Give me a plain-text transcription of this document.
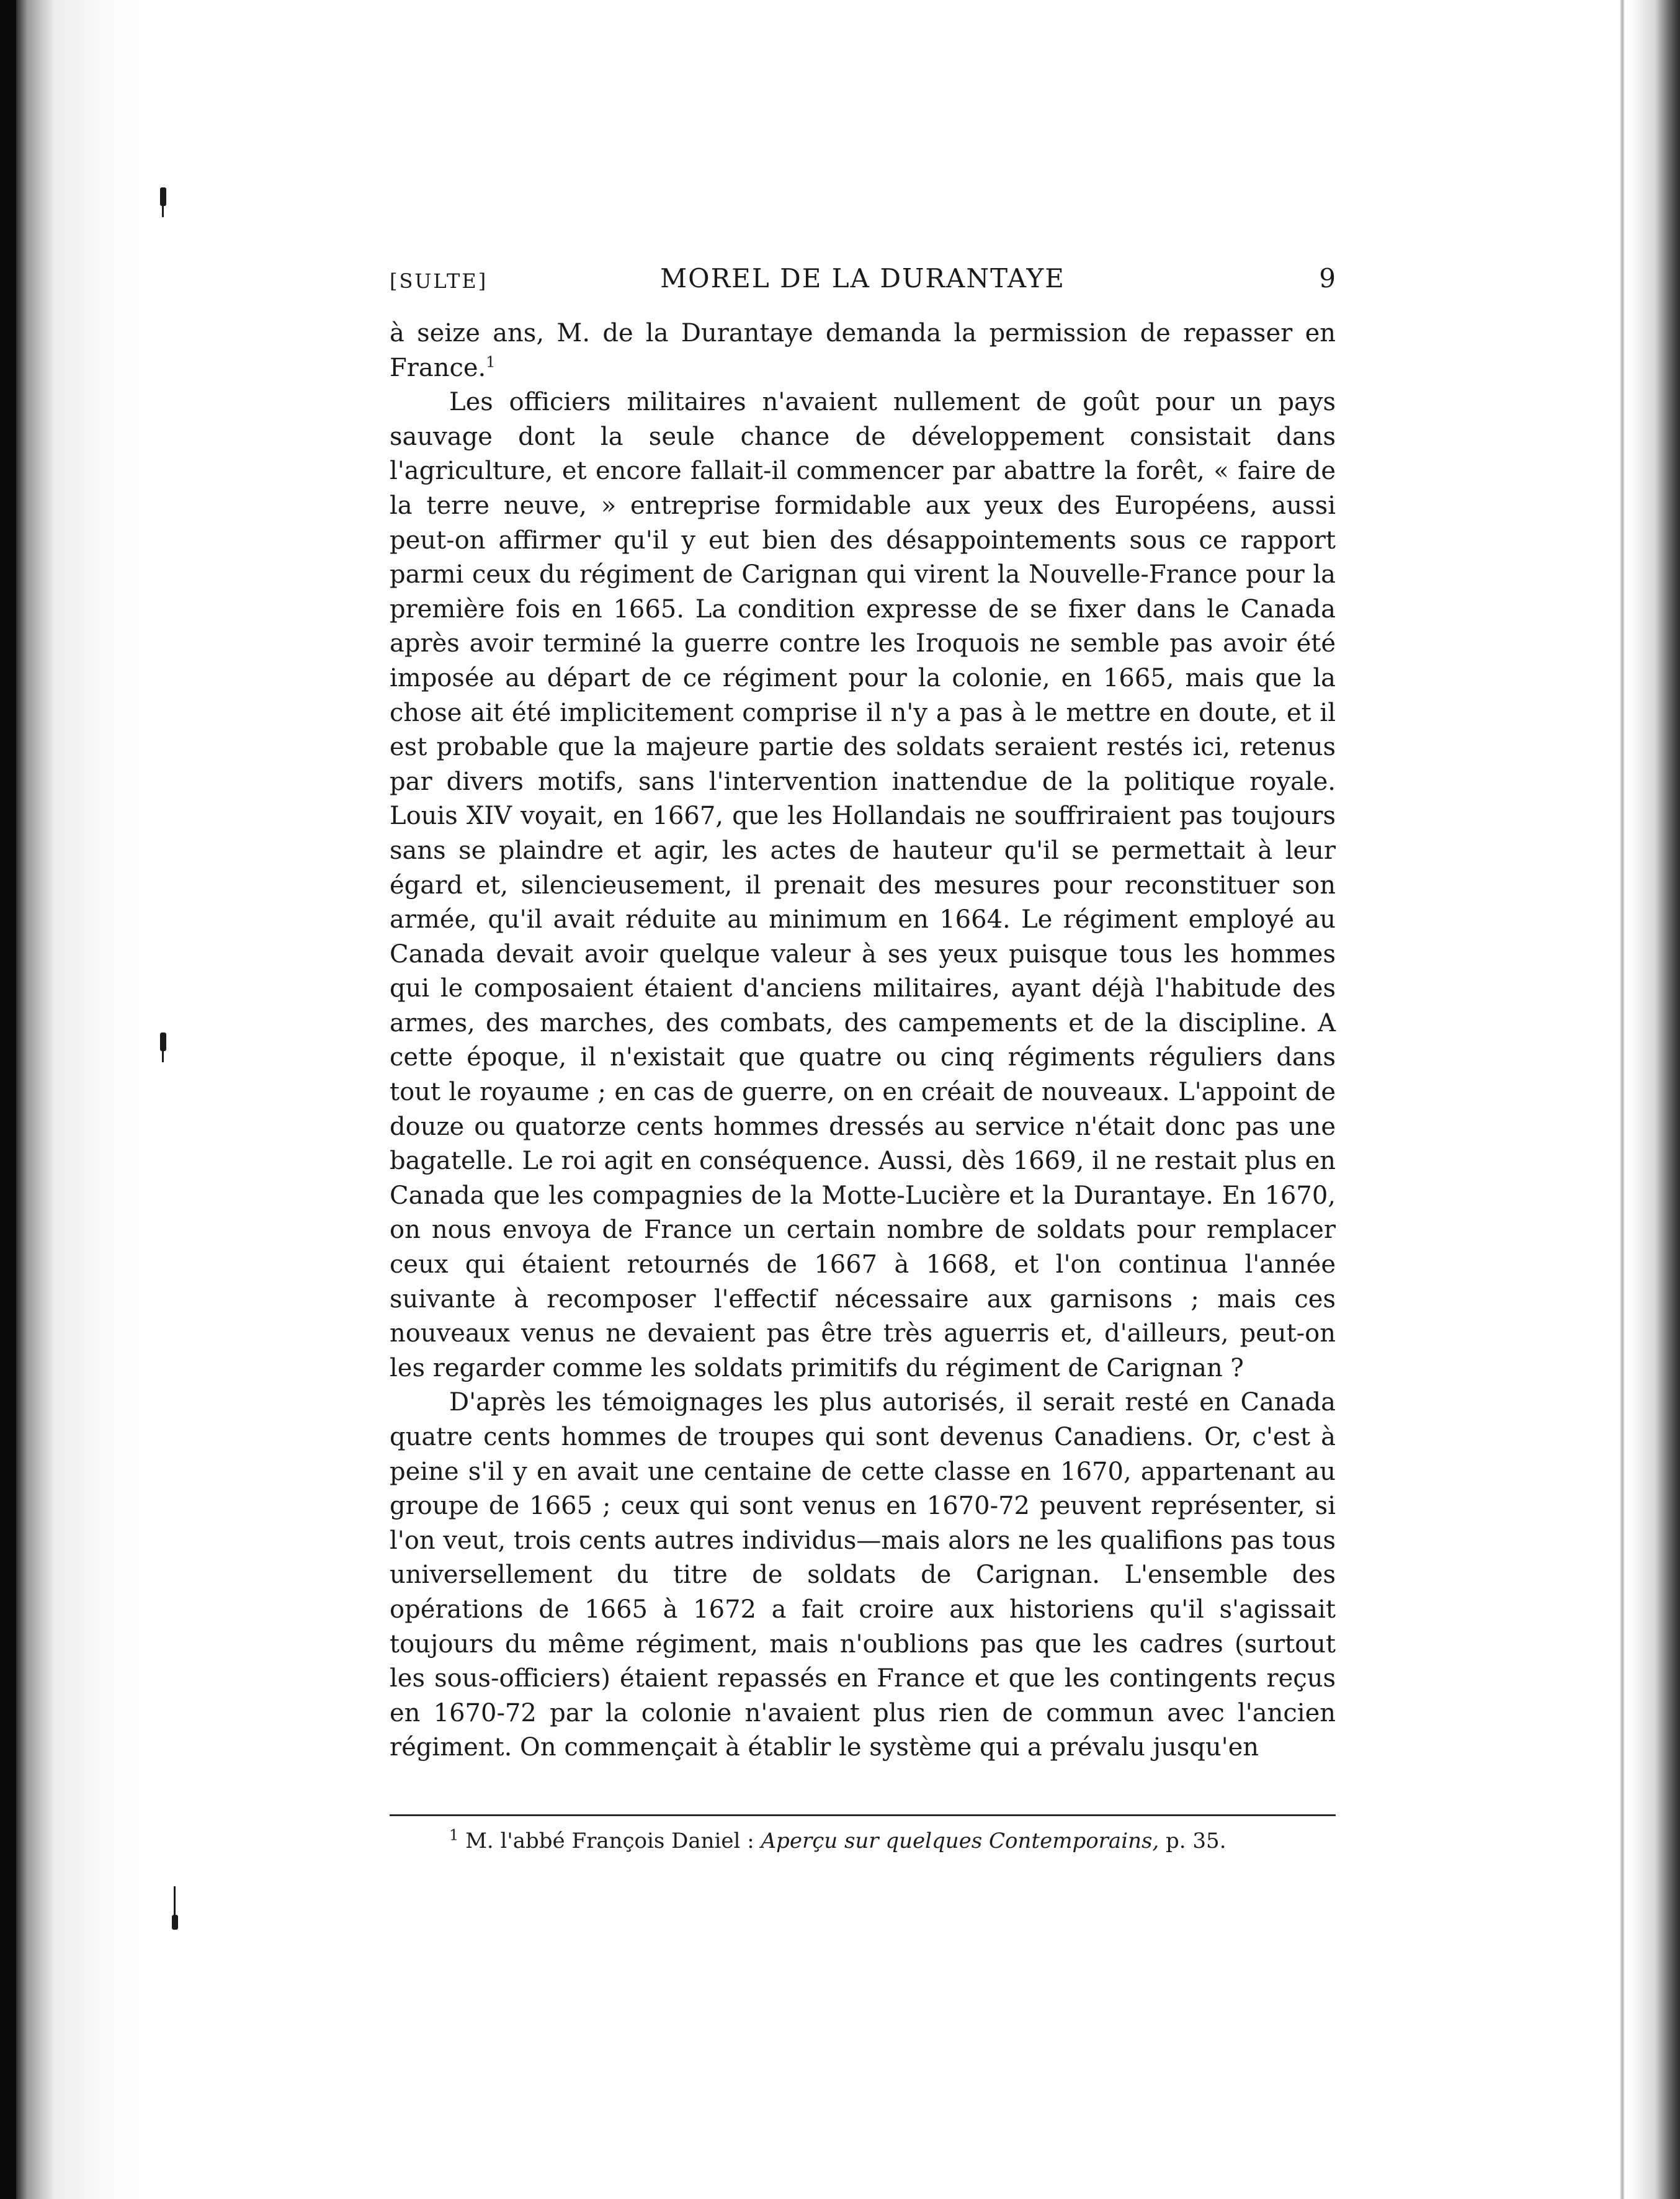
[SULTE]	MOREL DE LA DURANTAYE	9

à seize ans, M. de la Durantaye demanda la permission de repasser en France.$^1$

Les officiers militaires n'avaient nullement de goût pour un pays sauvage dont la seule chance de développement consistait dans l'agriculture, et encore fallait-il commencer par abattre la forêt, « faire de la terre neuve, » entreprise formidable aux yeux des Européens, aussi peut-on affirmer qu'il y eut bien des désappointements sous ce rapport parmi ceux du régiment de Carignan qui virent la Nouvelle-France pour la première fois en 1665. La condition expresse de se fixer dans le Canada après avoir terminé la guerre contre les Iroquois ne semble pas avoir été imposée au départ de ce régiment pour la colonie, en 1665, mais que la chose ait été implicitement comprise il n'y a pas à le mettre en doute, et il est probable que la majeure partie des soldats seraient restés ici, retenus par divers motifs, sans l'intervention inattendue de la politique royale. Louis XIV voyait, en 1667, que les Hollandais ne souffriraient pas toujours sans se plaindre et agir, les actes de hauteur qu'il se permettait à leur égard et, silencieusement, il prenait des mesures pour reconstituer son armée, qu'il avait réduite au minimum en 1664. Le régiment employé au Canada devait avoir quelque valeur à ses yeux puisque tous les hommes qui le composaient étaient d'anciens militaires, ayant déjà l'habitude des armes, des marches, des combats, des campements et de la discipline. A cette époque, il n'existait que quatre ou cinq régiments réguliers dans tout le royaume ; en cas de guerre, on en créait de nouveaux. L'appoint de douze ou quatorze cents hommes dressés au service n'était donc pas une bagatelle. Le roi agit en conséquence. Aussi, dès 1669, il ne restait plus en Canada que les compagnies de la Motte-Lucière et la Durantaye. En 1670, on nous envoya de France un certain nombre de soldats pour remplacer ceux qui étaient retournés de 1667 à 1668, et l'on continua l'année suivante à recomposer l'effectif nécessaire aux garnisons ; mais ces nouveaux venus ne devaient pas être très aguerris et, d'ailleurs, peut-on les regarder comme les soldats primitifs du régiment de Carignan ?

D'après les témoignages les plus autorisés, il serait resté en Canada quatre cents hommes de troupes qui sont devenus Canadiens. Or, c'est à peine s'il y en avait une centaine de cette classe en 1670, appartenant au groupe de 1665 ; ceux qui sont venus en 1670-72 peuvent représenter, si l'on veut, trois cents autres individus—mais alors ne les qualifions pas tous universellement du titre de soldats de Carignan. L'ensemble des opérations de 1665 à 1672 a fait croire aux historiens qu'il s'agissait toujours du même régiment, mais n'oublions pas que les cadres (surtout les sous-officiers) étaient repassés en France et que les contingents reçus en 1670-72 par la colonie n'avaient plus rien de commun avec l'ancien régiment. On commençait à établir le système qui a prévalu jusqu'en

$^1$ M. l'abbé François Daniel : Aperçu sur quelques Contemporains, p. 35.
